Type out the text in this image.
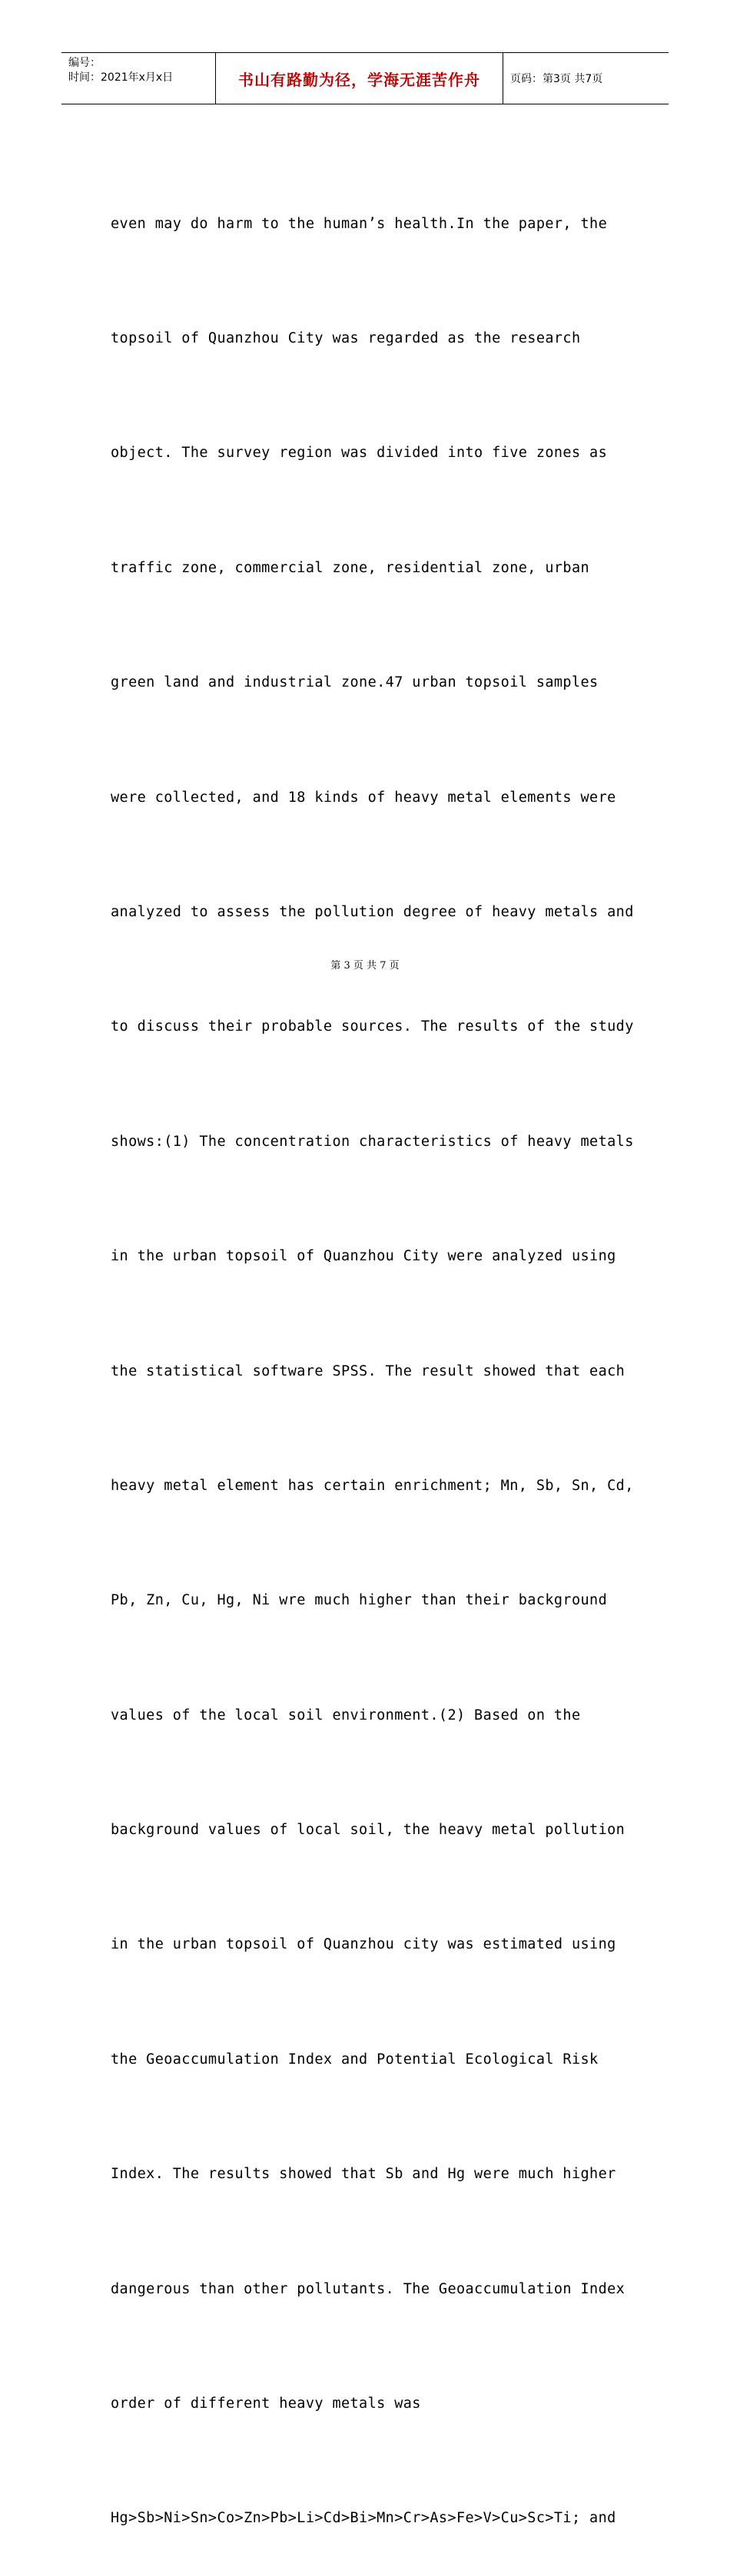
编号：
时间：2021年x月x日	书山有路勤为径，学海无涯苦作舟	页码：第3页 共7页

even may do harm to the human’s health.In the paper, the

topsoil of Quanzhou City was regarded as the research

object. The survey region was divided into five zones as

traffic zone, commercial zone, residential zone, urban

green land and industrial zone.47 urban topsoil samples

were collected, and 18 kinds of heavy metal elements were

analyzed to assess the pollution degree of heavy metals and

to discuss their probable sources. The results of the study

shows:(1) The concentration characteristics of heavy metals

in the urban topsoil of Quanzhou City were analyzed using

the statistical software SPSS. The result showed that each

heavy metal element has certain enrichment; Mn, Sb, Sn, Cd,

Pb, Zn, Cu, Hg, Ni wre much higher than their background

values of the local soil environment.(2) Based on the

background values of local soil, the heavy metal pollution

in the urban topsoil of Quanzhou city was estimated using

the Geoaccumulation Index and Potential Ecological Risk

Index. The results showed that Sb and Hg were much higher

dangerous than other pollutants. The Geoaccumulation Index

order of different heavy metals was

Hg>Sb>Ni>Sn>Co>Zn>Pb>Li>Cd>Bi>Mn>Cr>As>Fe>V>Cu>Sc>Ti; and

第 3 页 共 7 页
